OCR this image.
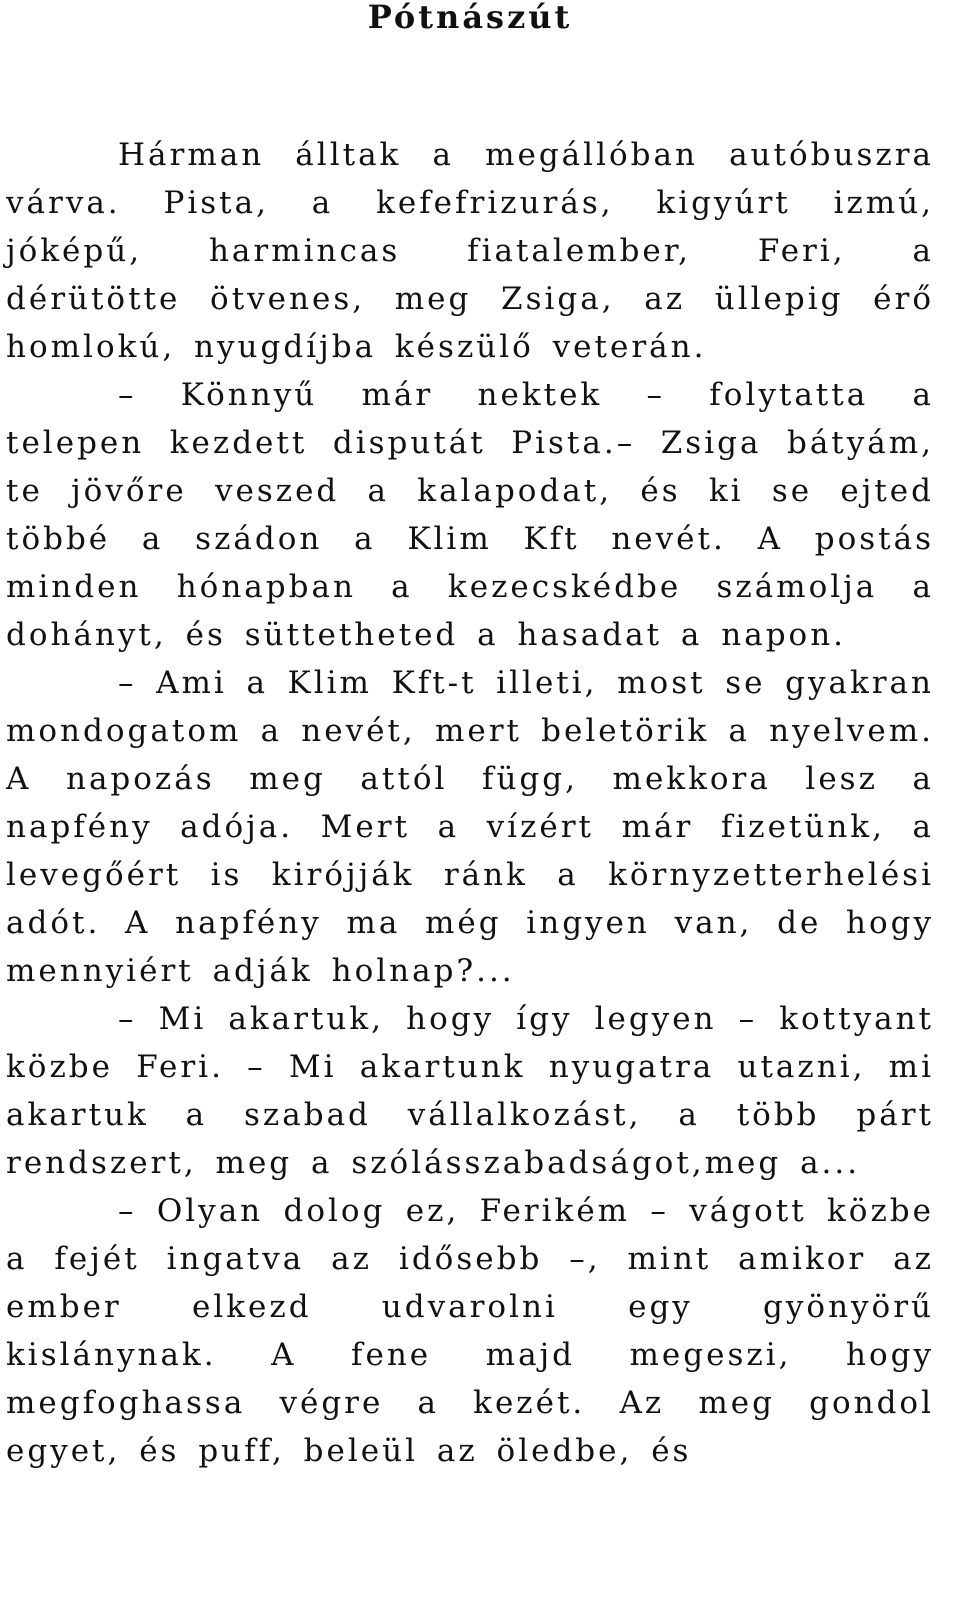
Pótnászút

Hárman álltak a megállóban autóbuszra várva. Pista, a kefefrizurás, kigyúrt izmú, jóképű, harmincas fiatalember, Feri, a dérütötte ötvenes, meg Zsiga, az üllepig érő homlokú, nyugdíjba készülő veterán.

– Könnyű már nektek – folytatta a telepen kezdett disputát Pista.– Zsiga bátyám, te jövőre veszed a kalapodat, és ki se ejted többé a szádon a Klim Kft nevét. A postás minden hónapban a kezecskédbe számolja a dohányt, és süttetheted a hasadat a napon.

– Ami a Klim Kft-t illeti, most se gyakran mondogatom a nevét, mert beletörik a nyelvem. A napozás meg attól függ, mekkora lesz a napfény adója. Mert a vízért már fizetünk, a levegőért is kirójják ránk a környzetterhelési adót. A napfény ma még ingyen van, de hogy mennyiért adják holnap?...

– Mi akartuk, hogy így legyen – kottyant közbe Feri. – Mi akartunk nyugatra utazni, mi akartuk a szabad vállalkozást, a több párt rendszert, meg a szólásszabadságot,meg a...

– Olyan dolog ez, Ferikém – vágott közbe a fejét ingatva az idősebb –, mint amikor az ember elkezd udvarolni egy gyönyörű kislánynak. A fene majd megeszi, hogy megfoghassa végre a kezét. Az meg gondol egyet, és puff, beleül az öledbe, és
